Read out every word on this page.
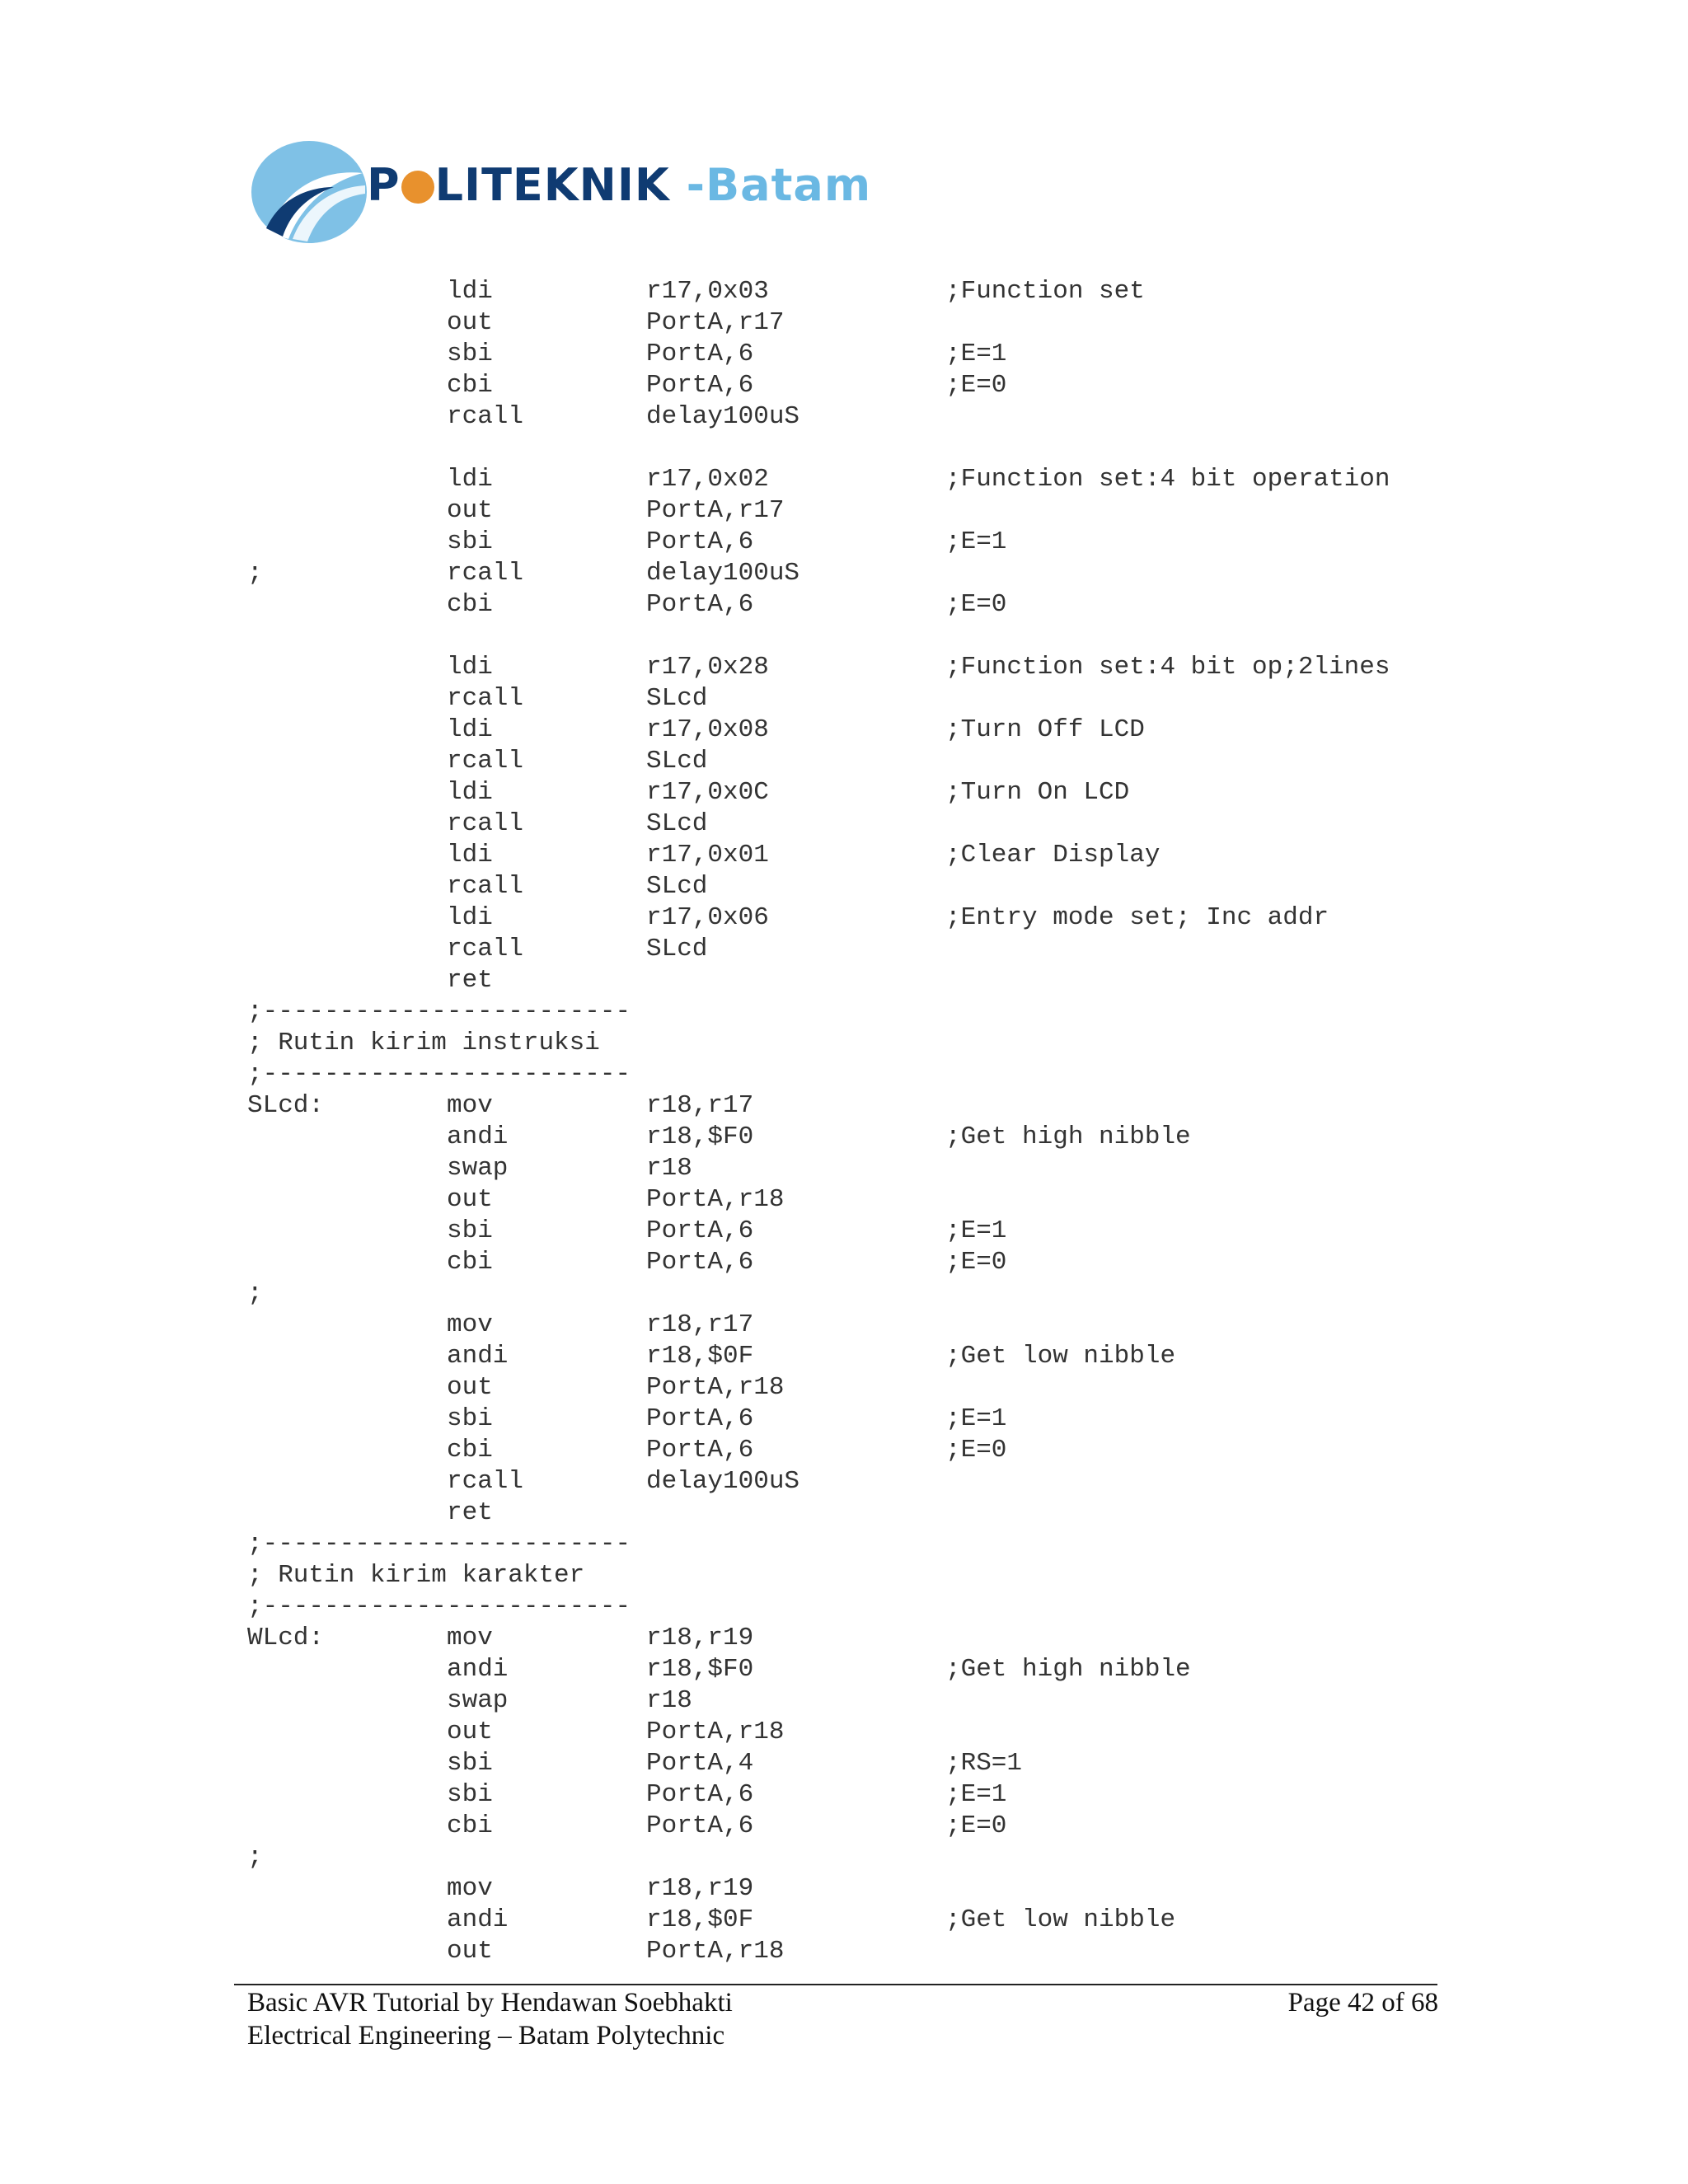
P LITEKNIK -Batam
ldi	r17,0x03	;Function set
out	PortA,r17
sbi	PortA,6	;E=1
cbi	PortA,6	;E=0
rcall	delay100uS
ldi	r17,0x02	;Function set:4 bit operation
out	PortA,r17
sbi	PortA,6	;E=1
;	rcall	delay100uS
cbi	PortA,6	;E=0
ldi	r17,0x28	;Function set:4 bit op;2lines
rcall	SLcd
ldi	r17,0x08	;Turn Off LCD
rcall	SLcd
ldi	r17,0x0C	;Turn On LCD
rcall	SLcd
ldi	r17,0x01	;Clear Display
rcall	SLcd
ldi	r17,0x06	;Entry mode set; Inc addr
rcall	SLcd
ret
;------------------------
; Rutin kirim instruksi
;------------------------
SLcd:	mov	r18,r17
andi	r18,$F0	;Get high nibble
swap	r18
out	PortA,r18
sbi	PortA,6	;E=1
cbi	PortA,6	;E=0
;
mov	r18,r17
andi	r18,$0F	;Get low nibble
out	PortA,r18
sbi	PortA,6	;E=1
cbi	PortA,6	;E=0
rcall	delay100uS
ret
;------------------------
; Rutin kirim karakter
;------------------------
WLcd:	mov	r18,r19
andi	r18,$F0	;Get high nibble
swap	r18
out	PortA,r18
sbi	PortA,4	;RS=1
sbi	PortA,6	;E=1
cbi	PortA,6	;E=0
;
mov	r18,r19
andi	r18,$0F	;Get low nibble
out	PortA,r18
Basic AVR Tutorial by Hendawan Soebhakti
Electrical Engineering – Batam Polytechnic
Page 42 of 68
